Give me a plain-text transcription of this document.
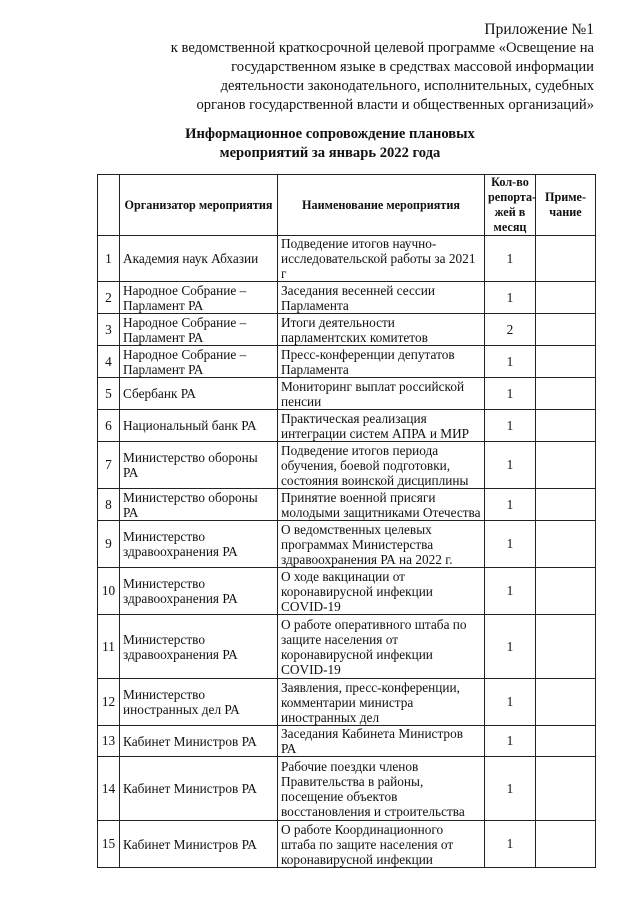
Приложение №1
к ведомственной краткосрочной целевой программе «Освещение на
государственном языке в средствах массовой информации
деятельности законодательного, исполнительных, судебных
органов государственной власти и общественных организаций»
Информационное сопровождение плановых
мероприятий за январь 2022 года
	Организатор мероприятия	Наименование мероприятия	Кол-во репорта-жей в месяц	Приме-чание
1	Академия наук Абхазии	Подведение итогов научно-исследовательской работы за 2021 г	1	
2	Народное Собрание – Парламент РА	Заседания весенней сессии Парламента	1	
3	Народное Собрание – Парламент РА	Итоги деятельности парламентских комитетов	2	
4	Народное Собрание – Парламент РА	Пресс-конференции депутатов Парламента	1	
5	Сбербанк РА	Мониторинг выплат российской пенсии	1	
6	Национальный банк РА	Практическая реализация интеграции систем АПРА и МИР	1	
7	Министерство обороны РА	Подведение итогов периода обучения, боевой подготовки, состояния воинской дисциплины	1	
8	Министерство обороны РА	Принятие военной присяги молодыми защитниками Отечества	1	
9	Министерство здравоохранения РА	О ведомственных целевых программах Министерства здравоохранения РА на 2022 г.	1	
10	Министерство здравоохранения РА	О ходе вакцинации от коронавирусной инфекции COVID-19	1	
11	Министерство здравоохранения РА	О работе оперативного штаба по защите населения от коронавирусной инфекции COVID-19	1	
12	Министерство иностранных дел РА	Заявления, пресс-конференции, комментарии министра иностранных дел	1	
13	Кабинет Министров РА	Заседания Кабинета Министров РА	1	
14	Кабинет Министров РА	Рабочие поездки членов Правительства в районы, посещение объектов восстановления и строительства	1	
15	Кабинет Министров РА	О работе Координационного штаба по защите населения от коронавирусной инфекции	1	
